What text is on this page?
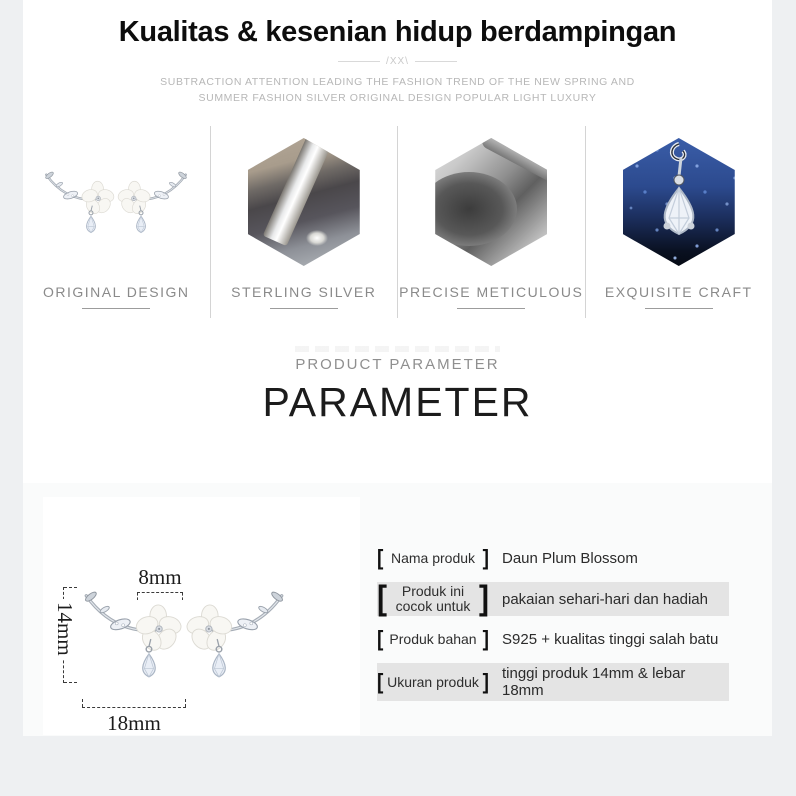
Kualitas & kesenian hidup berdampingan
/XX\
SUBTRACTION ATTENTION LEADING THE FASHION TREND OF THE NEW SPRING AND
SUMMER FASHION SILVER ORIGINAL DESIGN POPULAR LIGHT LUXURY
ORIGINAL DESIGN	STERLING SILVER PRECISE METICULOUS EXQUISITE CRAFT
PRODUCT PARAMETER
PARAMETER
8mm
14mm
18mm
[ Nama produk ] Daun Plum Blossom
[	Produk ini
cocok untuk ] pakaian sehari-hari dan hadiah
[ Produk bahan ] S925 + kualitas tinggi salah batu
[ Ukuran produk ] tinggi produk 14mm & lebar 18mm
